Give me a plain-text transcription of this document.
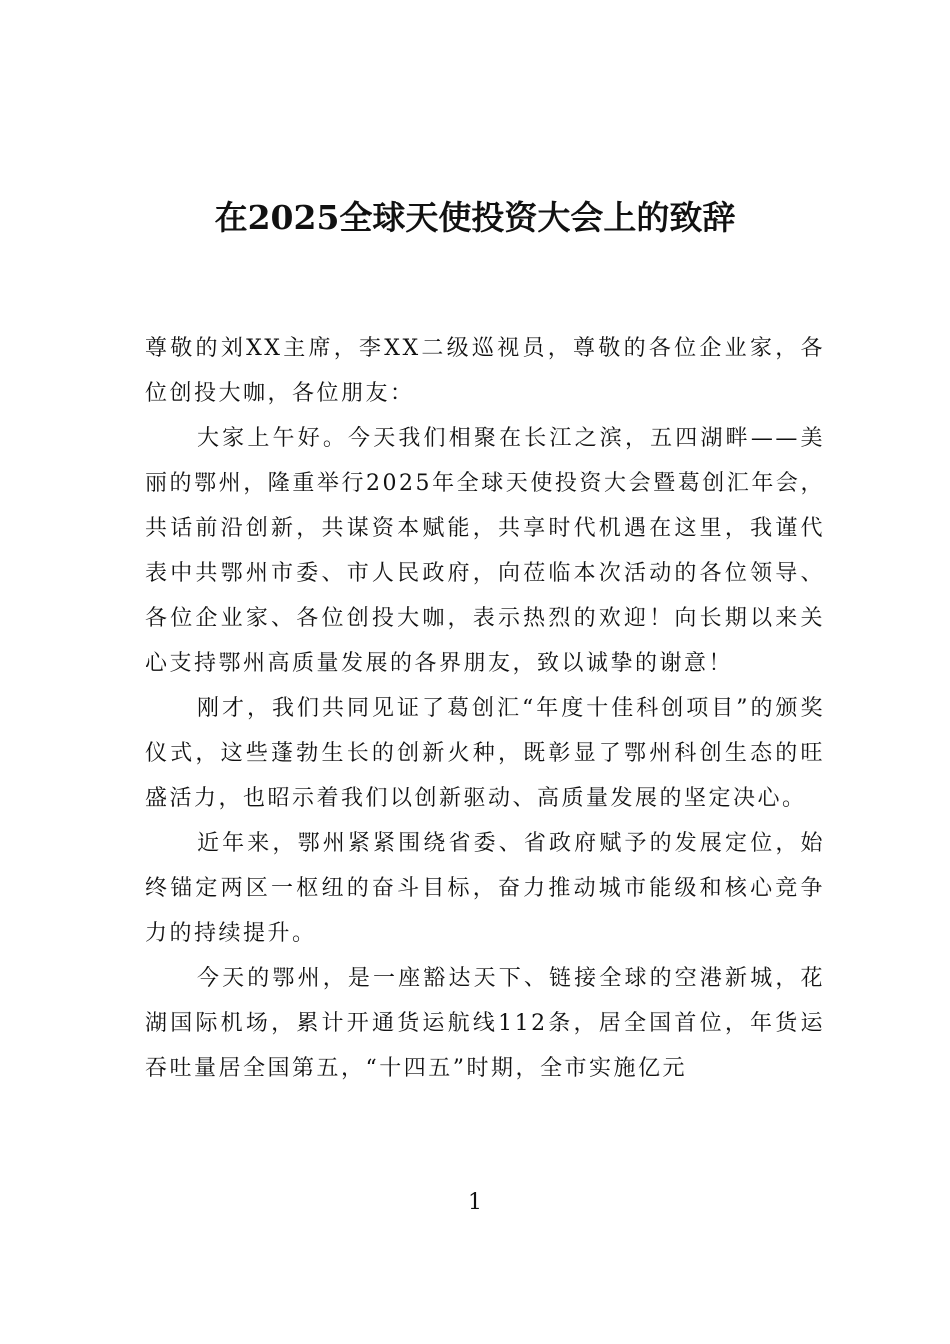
在2025全球天使投资大会上的致辞

尊敬的刘XX主席，李XX二级巡视员，尊敬的各位企业家，各位创投大咖，各位朋友：

大家上午好。今天我们相聚在长江之滨，五四湖畔——美丽的鄂州，隆重举行2025年全球天使投资大会暨葛创汇年会，共话前沿创新，共谋资本赋能，共享时代机遇在这里，我谨代表中共鄂州市委、市人民政府，向莅临本次活动的各位领导、各位企业家、各位创投大咖，表示热烈的欢迎！向长期以来关心支持鄂州高质量发展的各界朋友，致以诚挚的谢意！

刚才，我们共同见证了葛创汇“年度十佳科创项目”的颁奖仪式，这些蓬勃生长的创新火种，既彰显了鄂州科创生态的旺盛活力，也昭示着我们以创新驱动、高质量发展的坚定决心。

近年来，鄂州紧紧围绕省委、省政府赋予的发展定位，始终锚定两区一枢纽的奋斗目标，奋力推动城市能级和核心竞争力的持续提升。

今天的鄂州，是一座豁达天下、链接全球的空港新城，花湖国际机场，累计开通货运航线112条，居全国首位，年货运吞吐量居全国第五，“十四五”时期，全市实施亿元

1
